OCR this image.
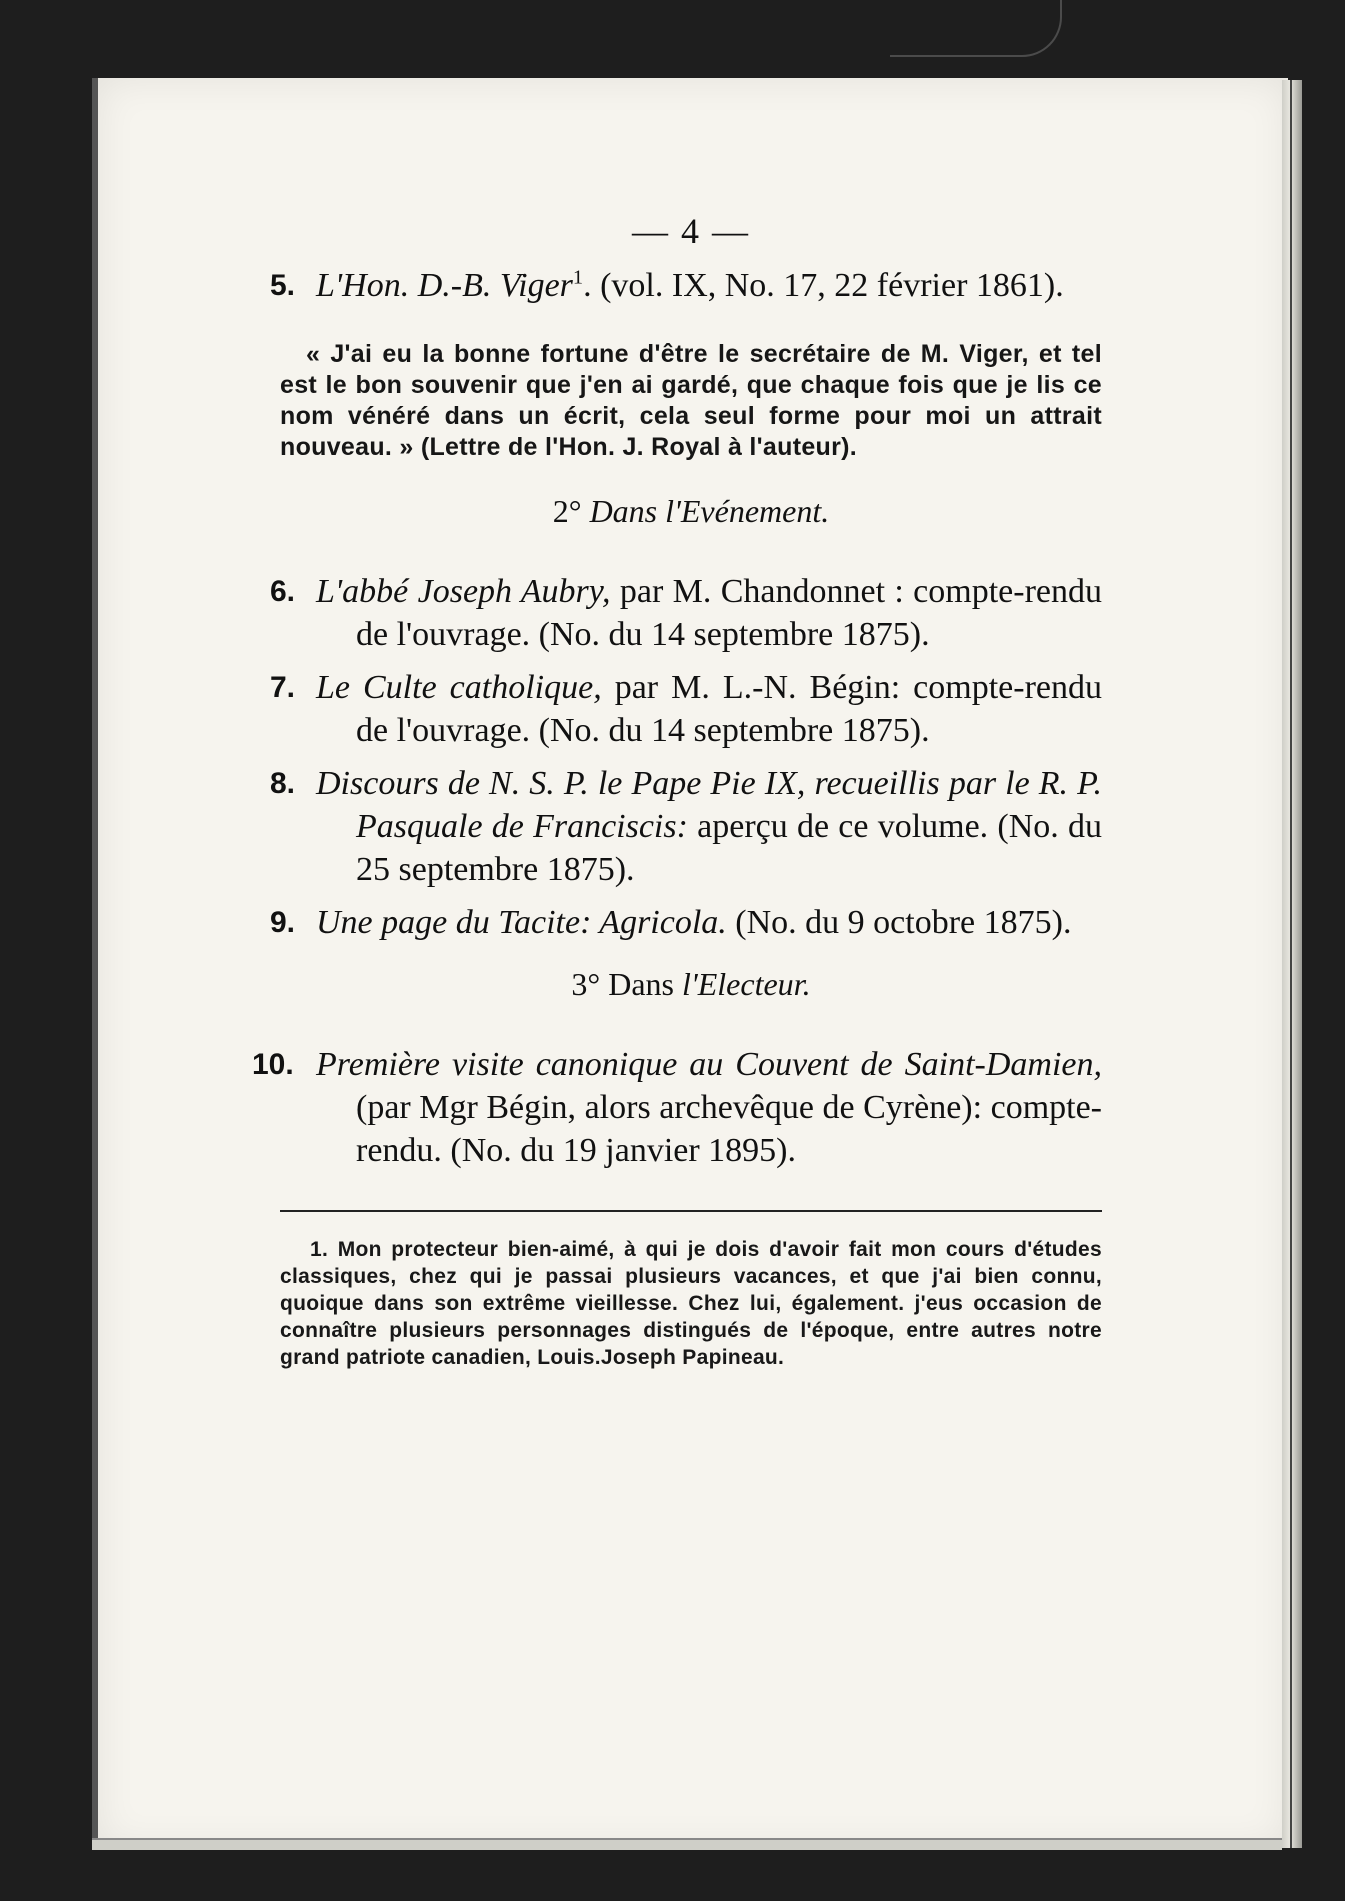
— 4 —
5. L'Hon. D.-B. Viger$^1$. (vol. IX, No. 17, 22 février 1861).
« J'ai eu la bonne fortune d'être le secrétaire de M. Viger, et tel est le bon souvenir que j'en ai gardé, que chaque fois que je lis ce nom vénéré dans un écrit, cela seul forme pour moi un attrait nouveau. » (Lettre de l'Hon. J. Royal à l'auteur).
2° Dans l'Evénement.
6. L'abbé Joseph Aubry, par M. Chandonnet : compte-rendu de l'ouvrage. (No. du 14 septembre 1875).
7. Le Culte catholique, par M. L.-N. Bégin: compte-rendu de l'ouvrage. (No. du 14 septembre 1875).
8. Discours de N. S. P. le Pape Pie IX, recueillis par le R. P. Pasquale de Franciscis: aperçu de ce volume. (No. du 25 septembre 1875).
9. Une page du Tacite: Agricola. (No. du 9 octobre 1875).
3° Dans l'Electeur.
10. Première visite canonique au Couvent de Saint-Damien, (par Mgr Bégin, alors archevêque de Cyrène): compte-rendu. (No. du 19 janvier 1895).
1. Mon protecteur bien-aimé, à qui je dois d'avoir fait mon cours d'études classiques, chez qui je passai plusieurs vacances, et que j'ai bien connu, quoique dans son extrême vieillesse. Chez lui, également. j'eus occasion de connaître plusieurs personnages distingués de l'époque, entre autres notre grand patriote canadien, Louis.Joseph Papineau.
